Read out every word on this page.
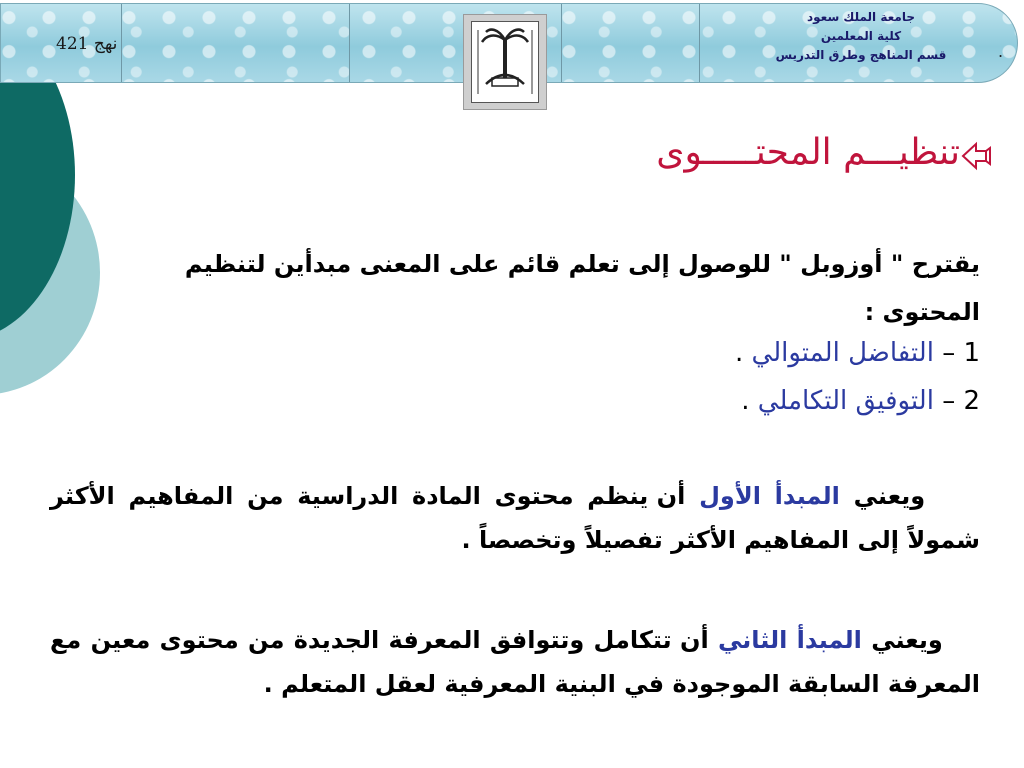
نهج 421
جامعة الملك سعود
كلية المعلمين
قسم المناهج وطرق التدريس	.
تنظيـــم المحتـــــوى
يقترح " أوزوبل " للوصول إلى تعلم قائم على المعنى مبدأين لتنظيم المحتوى :
1 – التفاضل المتوالي .
2 – التوفيق التكاملي .
ويعني المبدأ الأول أن ينظم محتوى المادة الدراسية من المفاهيم الأكثر شمولاً إلى المفاهيم الأكثر تفصيلاً وتخصصاً .
ويعني المبدأ الثاني أن تتكامل وتتوافق المعرفة الجديدة من محتوى معين مع المعرفة السابقة الموجودة في البنية المعرفية لعقل المتعلم .
